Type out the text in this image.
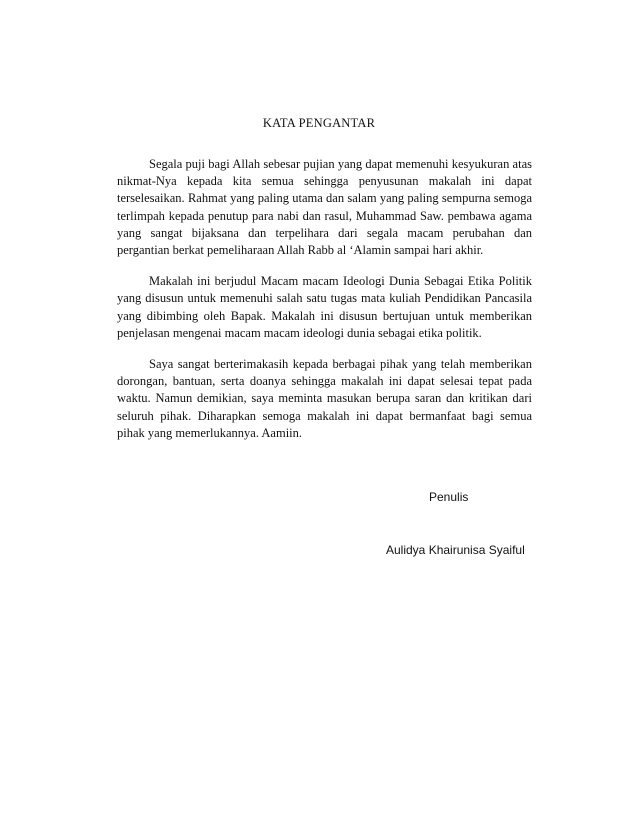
KATA PENGANTAR

Segala puji bagi Allah sebesar pujian yang dapat memenuhi kesyukuran atas nikmat-Nya kepada kita semua sehingga penyusunan makalah ini dapat terselesaikan. Rahmat yang paling utama dan salam yang paling sempurna semoga terlimpah kepada penutup para nabi dan rasul, Muhammad Saw. pembawa agama yang sangat bijaksana dan terpelihara dari segala macam perubahan dan pergantian berkat pemeliharaan Allah Rabb al ‘Alamin sampai hari akhir.

Makalah ini berjudul Macam macam Ideologi Dunia Sebagai Etika Politik yang disusun untuk memenuhi salah satu tugas mata kuliah Pendidikan Pancasila yang dibimbing oleh Bapak. Makalah ini disusun bertujuan untuk memberikan penjelasan mengenai macam macam ideologi dunia sebagai etika politik.

Saya sangat berterimakasih kepada berbagai pihak yang telah memberikan dorongan, bantuan, serta doanya sehingga makalah ini dapat selesai tepat pada waktu. Namun demikian, saya meminta masukan berupa saran dan kritikan dari seluruh pihak. Diharapkan semoga makalah ini dapat bermanfaat bagi semua pihak yang memerlukannya. Aamiin.

Penulis
Aulidya Khairunisa Syaiful
